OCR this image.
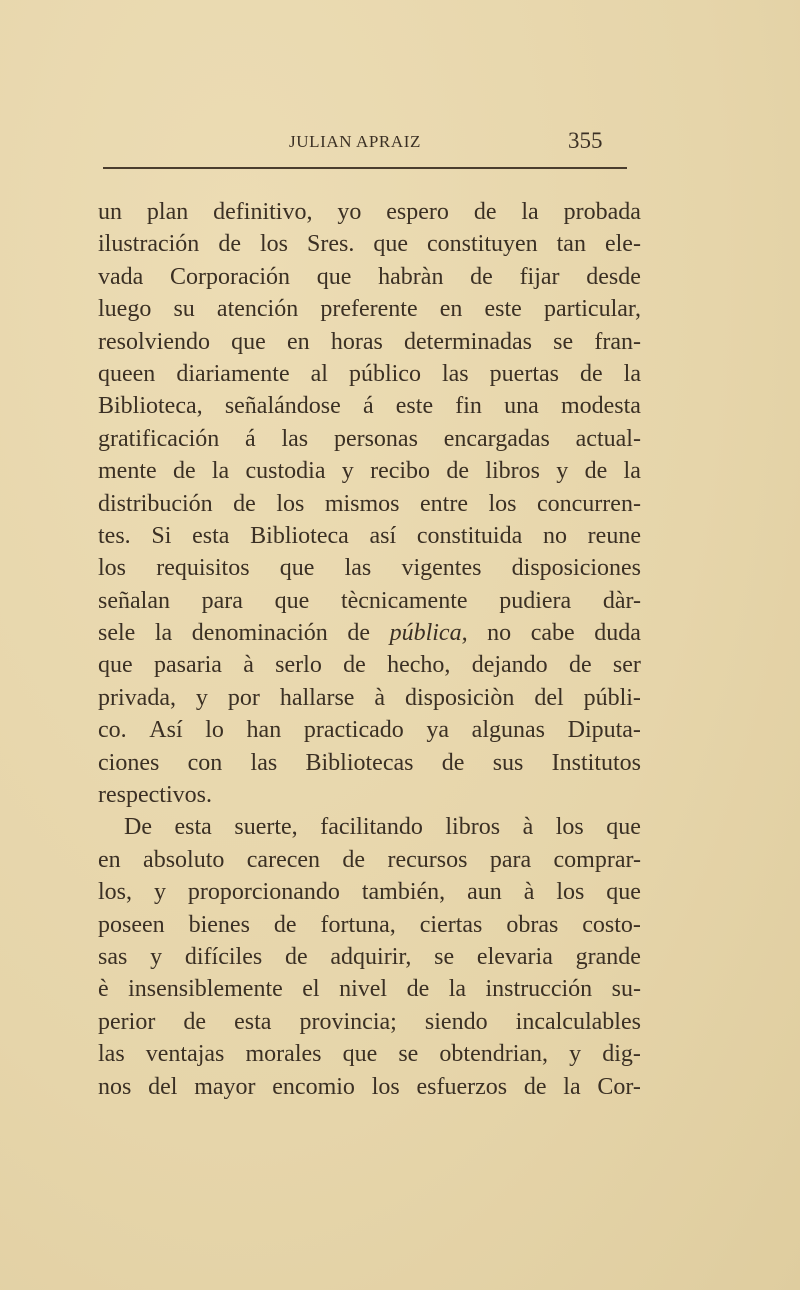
JULIAN APRAIZ	355
un plan definitivo, yo espero de la probada
ilustración de los Sres. que constituyen tan ele-
vada Corporación que habràn de fijar desde
luego su atención preferente en este particular,
resolviendo que en horas determinadas se fran-
queen diariamente al público las puertas de la
Biblioteca, señalándose á este fin una modesta
gratificación á las personas encargadas actual-
mente de la custodia y recibo de libros y de la
distribución de los mismos entre los concurren-
tes. Si esta Biblioteca así constituida no reune
los requisitos que las vigentes disposiciones
señalan para que tècnicamente pudiera dàr-
sele la denominación de pública, no cabe duda
que pasaria à serlo de hecho, dejando de ser
privada, y por hallarse à disposiciòn del públi-
co. Así lo han practicado ya algunas Diputa-
ciones con las Bibliotecas de sus Institutos
respectivos.
De esta suerte, facilitando libros à los que
en absoluto carecen de recursos para comprar-
los, y proporcionando también, aun à los que
poseen bienes de fortuna, ciertas obras costo-
sas y difíciles de adquirir, se elevaria grande
è insensiblemente el nivel de la instrucción su-
perior de esta provincia; siendo incalculables
las ventajas morales que se obtendrian, y dig-
nos del mayor encomio los esfuerzos de la Cor-
